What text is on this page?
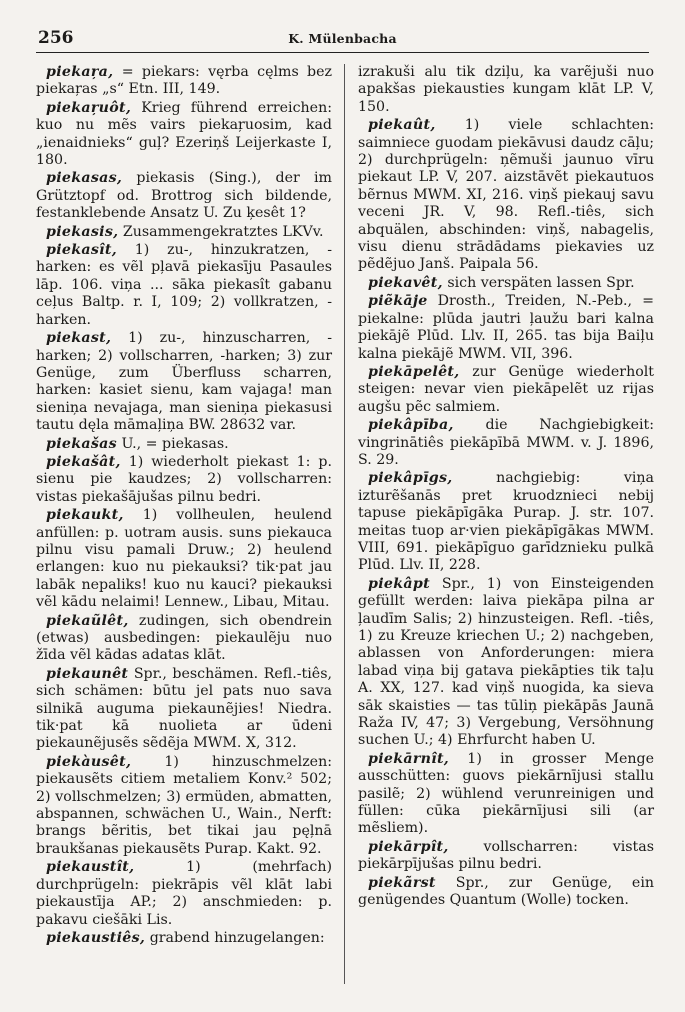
256	K. Mülenbacha

piekaŗa, = piekars: vęrba cęlms bez piekaŗas „s“ Etn. III, 149.

piekaŗuôt, Krieg führend erreichen: kuo nu mẽs vairs piekaŗuosim, kad „ienaidnieks“ guļ? Ezeriņš Leijerkaste I, 180.

piekasas, piekasis (Sing.), der im Grütztopf od. Brottrog sich bildende, festanklebende Ansatz U. Zu ķesêt 1?

piekasis, Zusammengekratztes LKVv.

piekasît, 1) zu-, hinzukratzen, -harken: es vẽl pļavā piekasīju Pasaules lāp. 106. viņa ... sāka piekasît gabanu ceļus Baltp. r. I, 109; 2) vollkratzen, -harken.

piekast, 1) zu-, hinzuscharren, -harken; 2) vollscharren, -harken; 3) zur Genüge, zum Überfluss scharren, harken: kasiet sienu, kam vajaga! man sieniņa nevajaga, man sieniņa piekasusi tautu dęla māmaļiņa BW. 28632 var.

piekašas U., = piekasas.

piekašât, 1) wiederholt piekast 1: p. sienu pie kaudzes; 2) vollscharren: vistas piekašājušas pilnu bedri.

piekaukt, 1) vollheulen, heulend anfüllen: p. uotram ausis. suns piekauca pilnu visu pamali Druw.; 2) heulend erlangen: kuo nu piekauksi? tik·pat jau labāk nepaliks! kuo nu kauci? piekauksi vẽl kādu nelaimi! Lennew., Libau, Mitau.

piekaũlêt, zudingen, sich obendrein (etwas) ausbedingen: piekaulẽju nuo žīda vẽl kādas adatas klāt.

piekaunêt Spr., beschämen. Refl.-tiês, sich schämen: būtu jel pats nuo sava silnikā auguma piekaunẽjies! Niedra. tik·pat kā nuolieta ar ūdeni piekaunẽjusẽs sẽdẽja MWM. X, 312.

piekàusêt, 1) hinzuschmelzen: piekausẽts citiem metaliem Konv.² 502; 2) vollschmelzen; 3) ermüden, abmatten, abspannen, schwächen U., Wain., Nerft: brangs bẽritis, bet tikai jau pęļnā braukšanas piekausẽts Purap. Kakt. 92.

piekaustît,	1) (mehrfach) durchprügeln: piekrāpis vẽl klāt labi piekaustīja AP.; 2) anschmieden: p. pakavu ciešāki Lis.

piekaustiês, grabend hinzugelangen:

izrakuši alu tik dziļu, ka varẽjuši nuo apakšas piekausties kungam klāt LP. V, 150.

piekaût, 1) viele schlachten: saimniece guodam piekāvusi daudz cāļu; 2) durchprügeln: ņẽmuši jaunuo vīru piekaut LP. V, 207. aizstāvẽt piekautuos bẽrnus MWM. XI, 216. viņš piekauj savu veceni JR. V, 98. Refl.-tiês, sich abquälen, abschinden: viņš, nabagelis, visu dienu strādādams piekavies uz pẽdẽjuo Janš. Paipala 56.

piekavêt, sich verspäten lassen Spr.

piẽkāje Drosth., Treiden, N.-Peb., = piekalne: plūda jautri ļaužu bari kalna piekājẽ Plūd. Llv. II, 265. tas bija Baiļu kalna piekājẽ MWM. VII, 396.

piekāpelêt, zur Genüge wiederholt steigen: nevar vien piekāpelẽt uz rijas augšu pẽc salmiem.

piekâpība, die Nachgiebigkeit: vingrinātiês piekāpībā MWM. v. J. 1896, S. 29.

piekâpīgs,	nachgiebig: viņa izturẽšanās pret kruodznieci nebij tapuse piekāpīgāka Purap. J. str. 107. meitas tuop ar·vien piekāpīgākas MWM. VIII, 691. piekāpīguo garīdznieku pulkā Plūd. Llv. II, 228.

piekâpt Spr., 1) von Einsteigenden gefüllt werden: laiva piekāpa pilna ar ļaudīm Salis; 2) hinzusteigen. Refl. -tiês, 1) zu Kreuze kriechen U.; 2) nachgeben, ablassen von Anforderungen: miera labad viņa bij gatava piekāpties tik taļu A. XX, 127. kad viņš nuogida, ka sieva sāk skaisties — tas tūliņ piekāpās Jaunā Raža IV, 47; 3) Vergebung, Versöhnung suchen U.; 4) Ehrfurcht haben U.

piekārnît, 1) in grosser Menge ausschütten: guovs piekārnījusi stallu pasilẽ; 2) wühlend verunreinigen und füllen: cūka piekārnījusi sili (ar mẽsliem).

piekārpît, vollscharren: vistas piekārpījušas pilnu bedri.

piekãrst Spr., zur Genüge, ein genügendes Quantum (Wolle) tocken.
